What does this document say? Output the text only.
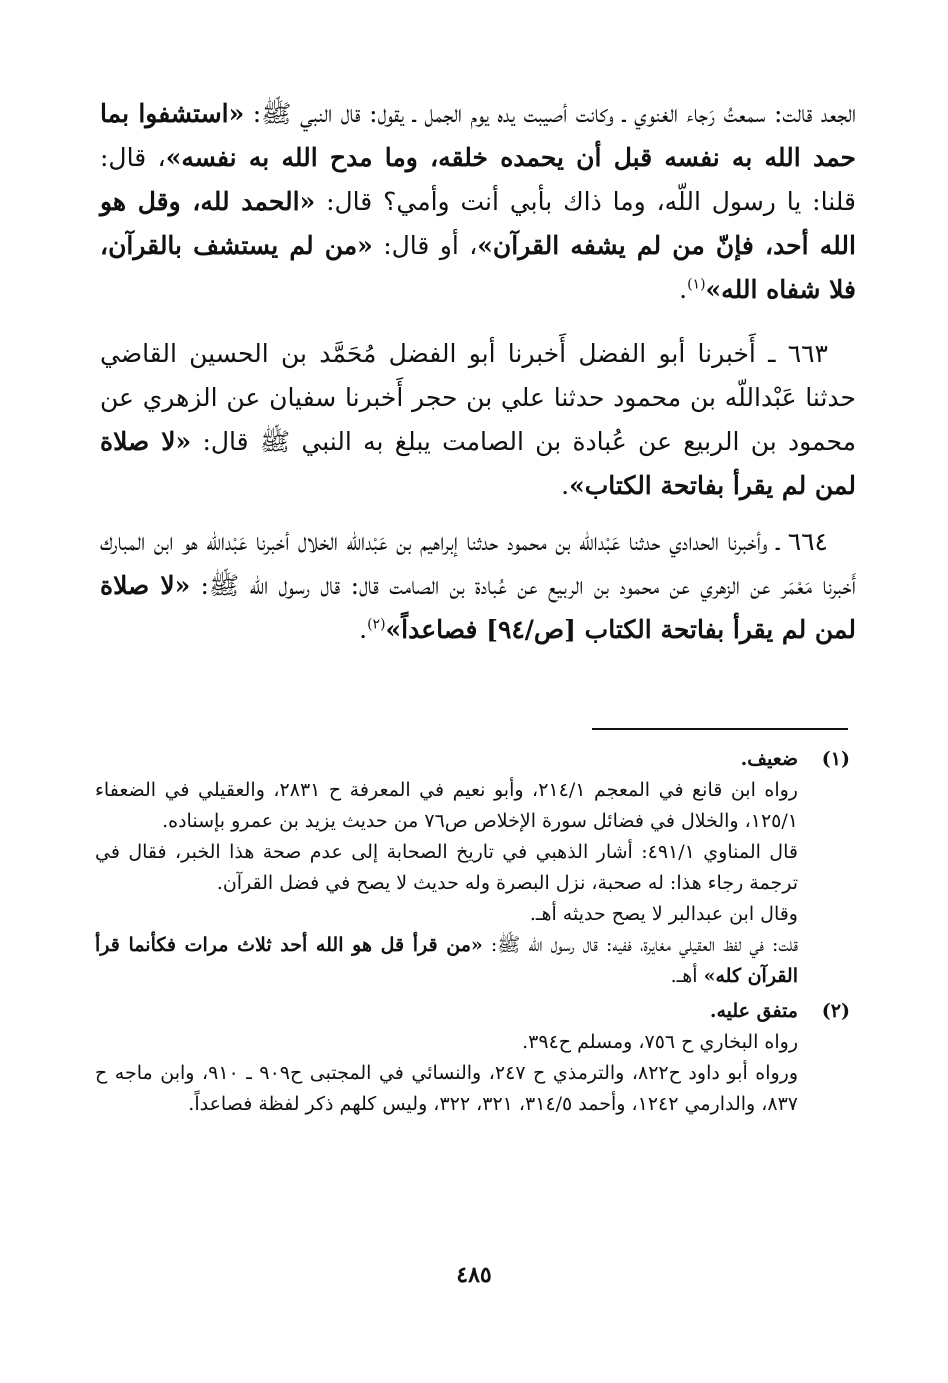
الجعد قالت: سمعتُ رَجاء الغنوي ـ وكانت أصيبت يده يوم الجمل ـ يقول: قال النبي ﷺ: «استشفوا بما حمد الله به نفسه قبل أن يحمده خلقه، وما مدح الله به نفسه»، قال: قلنا: يا رسول اللّه، وما ذاك بأبي أنت وأمي؟ قال: «الحمد لله، وقل هو الله أحد، فإنّ من لم يشفه القرآن»، أو قال: «من لم يستشف بالقرآن، فلا شفاه الله»$^{(١)}$.

٦٦٣ ـ أَخبرنا أبو الفضل أَخبرنا أبو الفضل مُحَمَّد بن الحسين القاضي حدثنا عَبْداللّه بن محمود حدثنا علي بن حجر أَخبرنا سفيان عن الزهري عن محمود بن الربيع عن عُبادة بن الصامت يبلغ به النبي ﷺ قال: «لا صلاة لمن لم يقرأ بفاتحة الكتاب».

٦٦٤ ـ وأخبرنا الحدادي حدثنا عَبْداللّه بن محمود حدثنا إبراهيم بن عَبْداللّه الخلال أخبرنا عَبْداللّه هو ابن المبارك أَخبرنا مَعْمَر عن الزهري عن محمود بن الربيع عن عُبادة بن الصامت قال: قال رسول الله ﷺ: «لا صلاة لمن لم يقرأ بفاتحة الكتاب [ص/٩٤] فصاعداً»$^{(٢)}$.

(١)ضعيف.

رواه ابن قانع في المعجم ٢١٤/١، وأبو نعيم في المعرفة ح ٢٨٣١، والعقيلي في الضعفاء ١٢٥/١، والخلال في فضائل سورة الإخلاص ص٧٦ من حديث يزيد بن عمرو بإسناده.

قال المناوي ٤٩١/١: أشار الذهبي في تاريخ الصحابة إلى عدم صحة هذا الخبر، فقال في ترجمة رجاء هذا: له صحبة، نزل البصرة وله حديث لا يصح في فضل القرآن.

وقال ابن عبدالبر لا يصح حديثه أهـ.

قلت: في لفظ العقيلي مغايرة، ففيه: قال رسول اللّه ﷺ: «من قرأ قل هو الله أحد ثلاث مرات فكأنما قرأ القرآن كله» أهـ.

(٢)متفق عليه.

رواه البخاري ح ٧٥٦، ومسلم ح٣٩٤.

ورواه أبو داود ح٨٢٢، والترمذي ح ٢٤٧، والنسائي في المجتبى ح٩٠٩ ـ ٩١٠، وابن ماجه ح ٨٣٧، والدارمي ١٢٤٢، وأحمد ٣١٤/٥، ٣٢١، ٣٢٢، وليس كلهم ذكر لفظة فصاعداً.

٤٨٥
